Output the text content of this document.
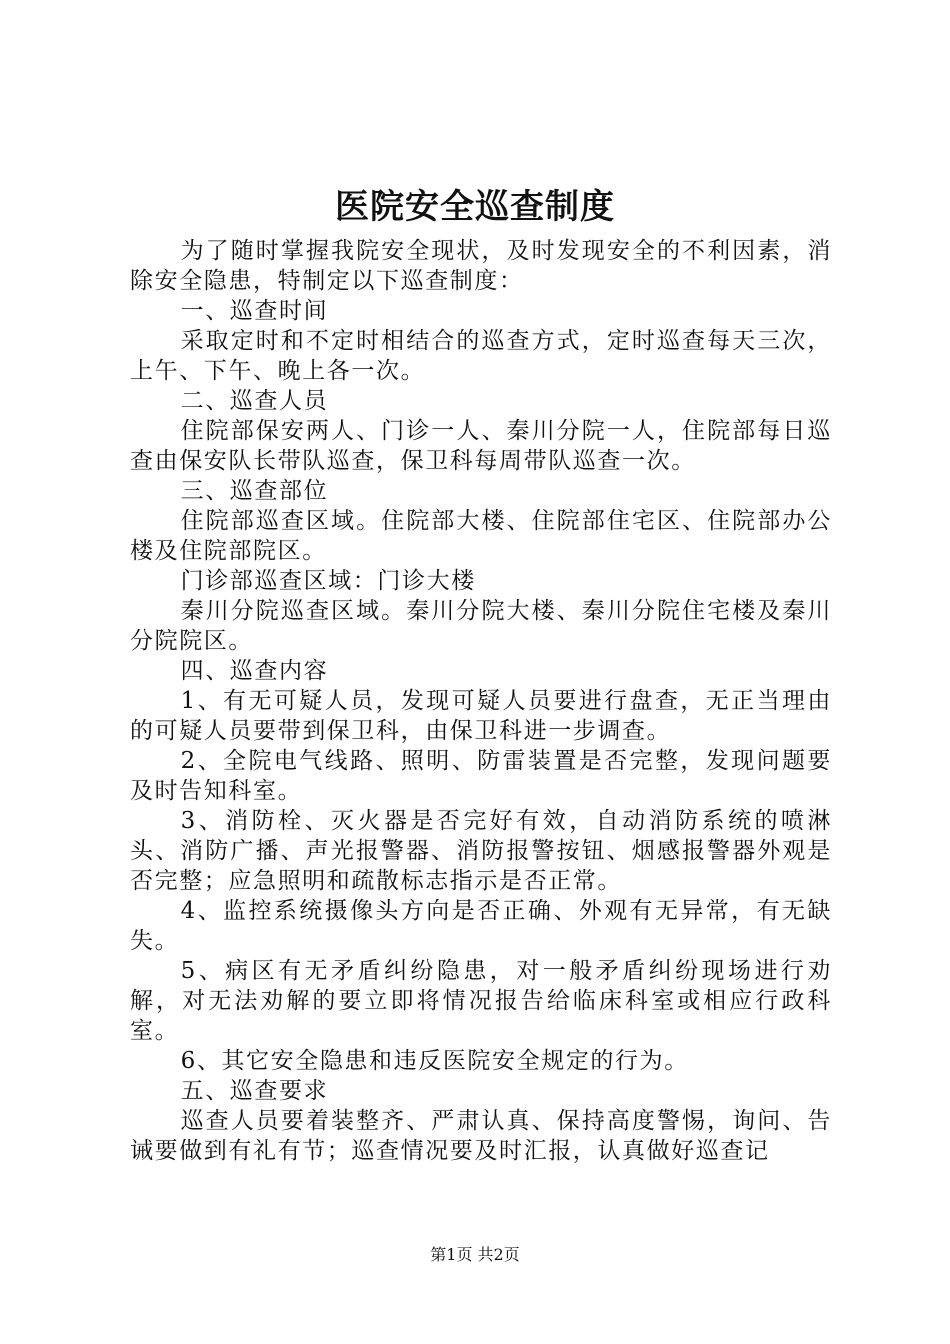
医院安全巡查制度

为了随时掌握我院安全现状，及时发现安全的不利因素，消除安全隐患，特制定以下巡查制度：

一、巡查时间

采取定时和不定时相结合的巡查方式，定时巡查每天三次，上午、下午、晚上各一次。

二、巡查人员

住院部保安两人、门诊一人、秦川分院一人，住院部每日巡查由保安队长带队巡查，保卫科每周带队巡查一次。

三、巡查部位

住院部巡查区域。住院部大楼、住院部住宅区、住院部办公楼及住院部院区。

门诊部巡查区域：门诊大楼

秦川分院巡查区域。秦川分院大楼、秦川分院住宅楼及秦川分院院区。

四、巡查内容

1、有无可疑人员，发现可疑人员要进行盘查，无正当理由的可疑人员要带到保卫科，由保卫科进一步调查。

2、全院电气线路、照明、防雷装置是否完整，发现问题要及时告知科室。

3、消防栓、灭火器是否完好有效，自动消防系统的喷淋头、消防广播、声光报警器、消防报警按钮、烟感报警器外观是否完整；应急照明和疏散标志指示是否正常。

4、监控系统摄像头方向是否正确、外观有无异常，有无缺失。

5、病区有无矛盾纠纷隐患，对一般矛盾纠纷现场进行劝解，对无法劝解的要立即将情况报告给临床科室或相应行政科室。

6、其它安全隐患和违反医院安全规定的行为。

五、巡查要求

巡查人员要着装整齐、严肃认真、保持高度警惕，询问、告诫要做到有礼有节；巡查情况要及时汇报，认真做好巡查记

第1页 共2页
